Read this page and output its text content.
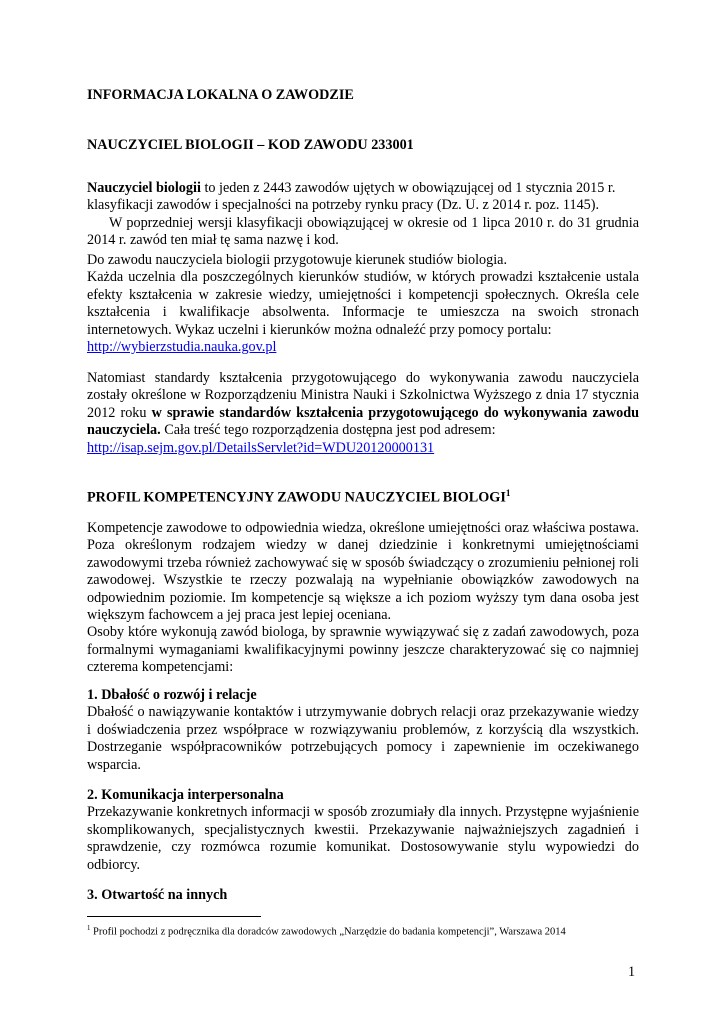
INFORMACJA LOKALNA O ZAWODZIE
NAUCZYCIEL BIOLOGII – KOD ZAWODU 233001
Nauczyciel biologii to jeden z 2443 zawodów ujętych w obowiązującej od 1 stycznia 2015 r. klasyfikacji zawodów i specjalności na potrzeby rynku pracy (Dz. U. z 2014 r. poz. 1145).
W poprzedniej wersji klasyfikacji obowiązującej w okresie od 1 lipca 2010 r. do 31 grudnia 2014 r. zawód ten miał tę sama nazwę i kod.
Do zawodu nauczyciela biologii przygotowuje kierunek studiów biologia.
Każda uczelnia dla poszczególnych kierunków studiów, w których prowadzi kształcenie ustala efekty kształcenia w zakresie wiedzy, umiejętności i kompetencji społecznych. Określa cele kształcenia i kwalifikacje absolwenta. Informacje te umieszcza na swoich stronach internetowych. Wykaz uczelni i kierunków można odnaleźć przy pomocy portalu:
http://wybierzstudia.nauka.gov.pl
Natomiast standardy kształcenia przygotowującego do wykonywania zawodu nauczyciela zostały określone w Rozporządzeniu Ministra Nauki i Szkolnictwa Wyższego z dnia 17 stycznia 2012 roku w sprawie standardów kształcenia przygotowującego do wykonywania zawodu nauczyciela. Cała treść tego rozporządzenia dostępna jest pod adresem:
http://isap.sejm.gov.pl/DetailsServlet?id=WDU20120000131
PROFIL KOMPETENCYJNY ZAWODU NAUCZYCIEL BIOLOGI$^1$
Kompetencje zawodowe to odpowiednia wiedza, określone umiejętności oraz właściwa postawa. Poza określonym rodzajem wiedzy w danej dziedzinie i konkretnymi umiejętnościami zawodowymi trzeba również zachowywać się w sposób świadczący o zrozumieniu pełnionej roli zawodowej. Wszystkie te rzeczy pozwalają na wypełnianie obowiązków zawodowych na odpowiednim poziomie. Im kompetencje są większe a ich poziom wyższy tym dana osoba jest większym fachowcem a jej praca jest lepiej oceniana.
Osoby które wykonują zawód biologa, by sprawnie wywiązywać się z zadań zawodowych, poza formalnymi wymaganiami kwalifikacyjnymi powinny jeszcze charakteryzować się co najmniej czterema kompetencjami:
1. Dbałość o rozwój i relacje
Dbałość o nawiązywanie kontaktów i utrzymywanie dobrych relacji oraz przekazywanie wiedzy i doświadczenia przez współprace w rozwiązywaniu problemów, z korzyścią dla wszystkich. Dostrzeganie współpracowników potrzebujących pomocy i zapewnienie im oczekiwanego wsparcia.
2. Komunikacja interpersonalna
Przekazywanie konkretnych informacji w sposób zrozumiały dla innych. Przystępne wyjaśnienie skomplikowanych, specjalistycznych kwestii. Przekazywanie najważniejszych zagadnień i sprawdzenie, czy rozmówca rozumie komunikat. Dostosowywanie stylu wypowiedzi do odbiorcy.
3. Otwartość na innych
$^1$ Profil pochodzi z podręcznika dla doradców zawodowych „Narzędzie do badania kompetencji”, Warszawa 2014
1
